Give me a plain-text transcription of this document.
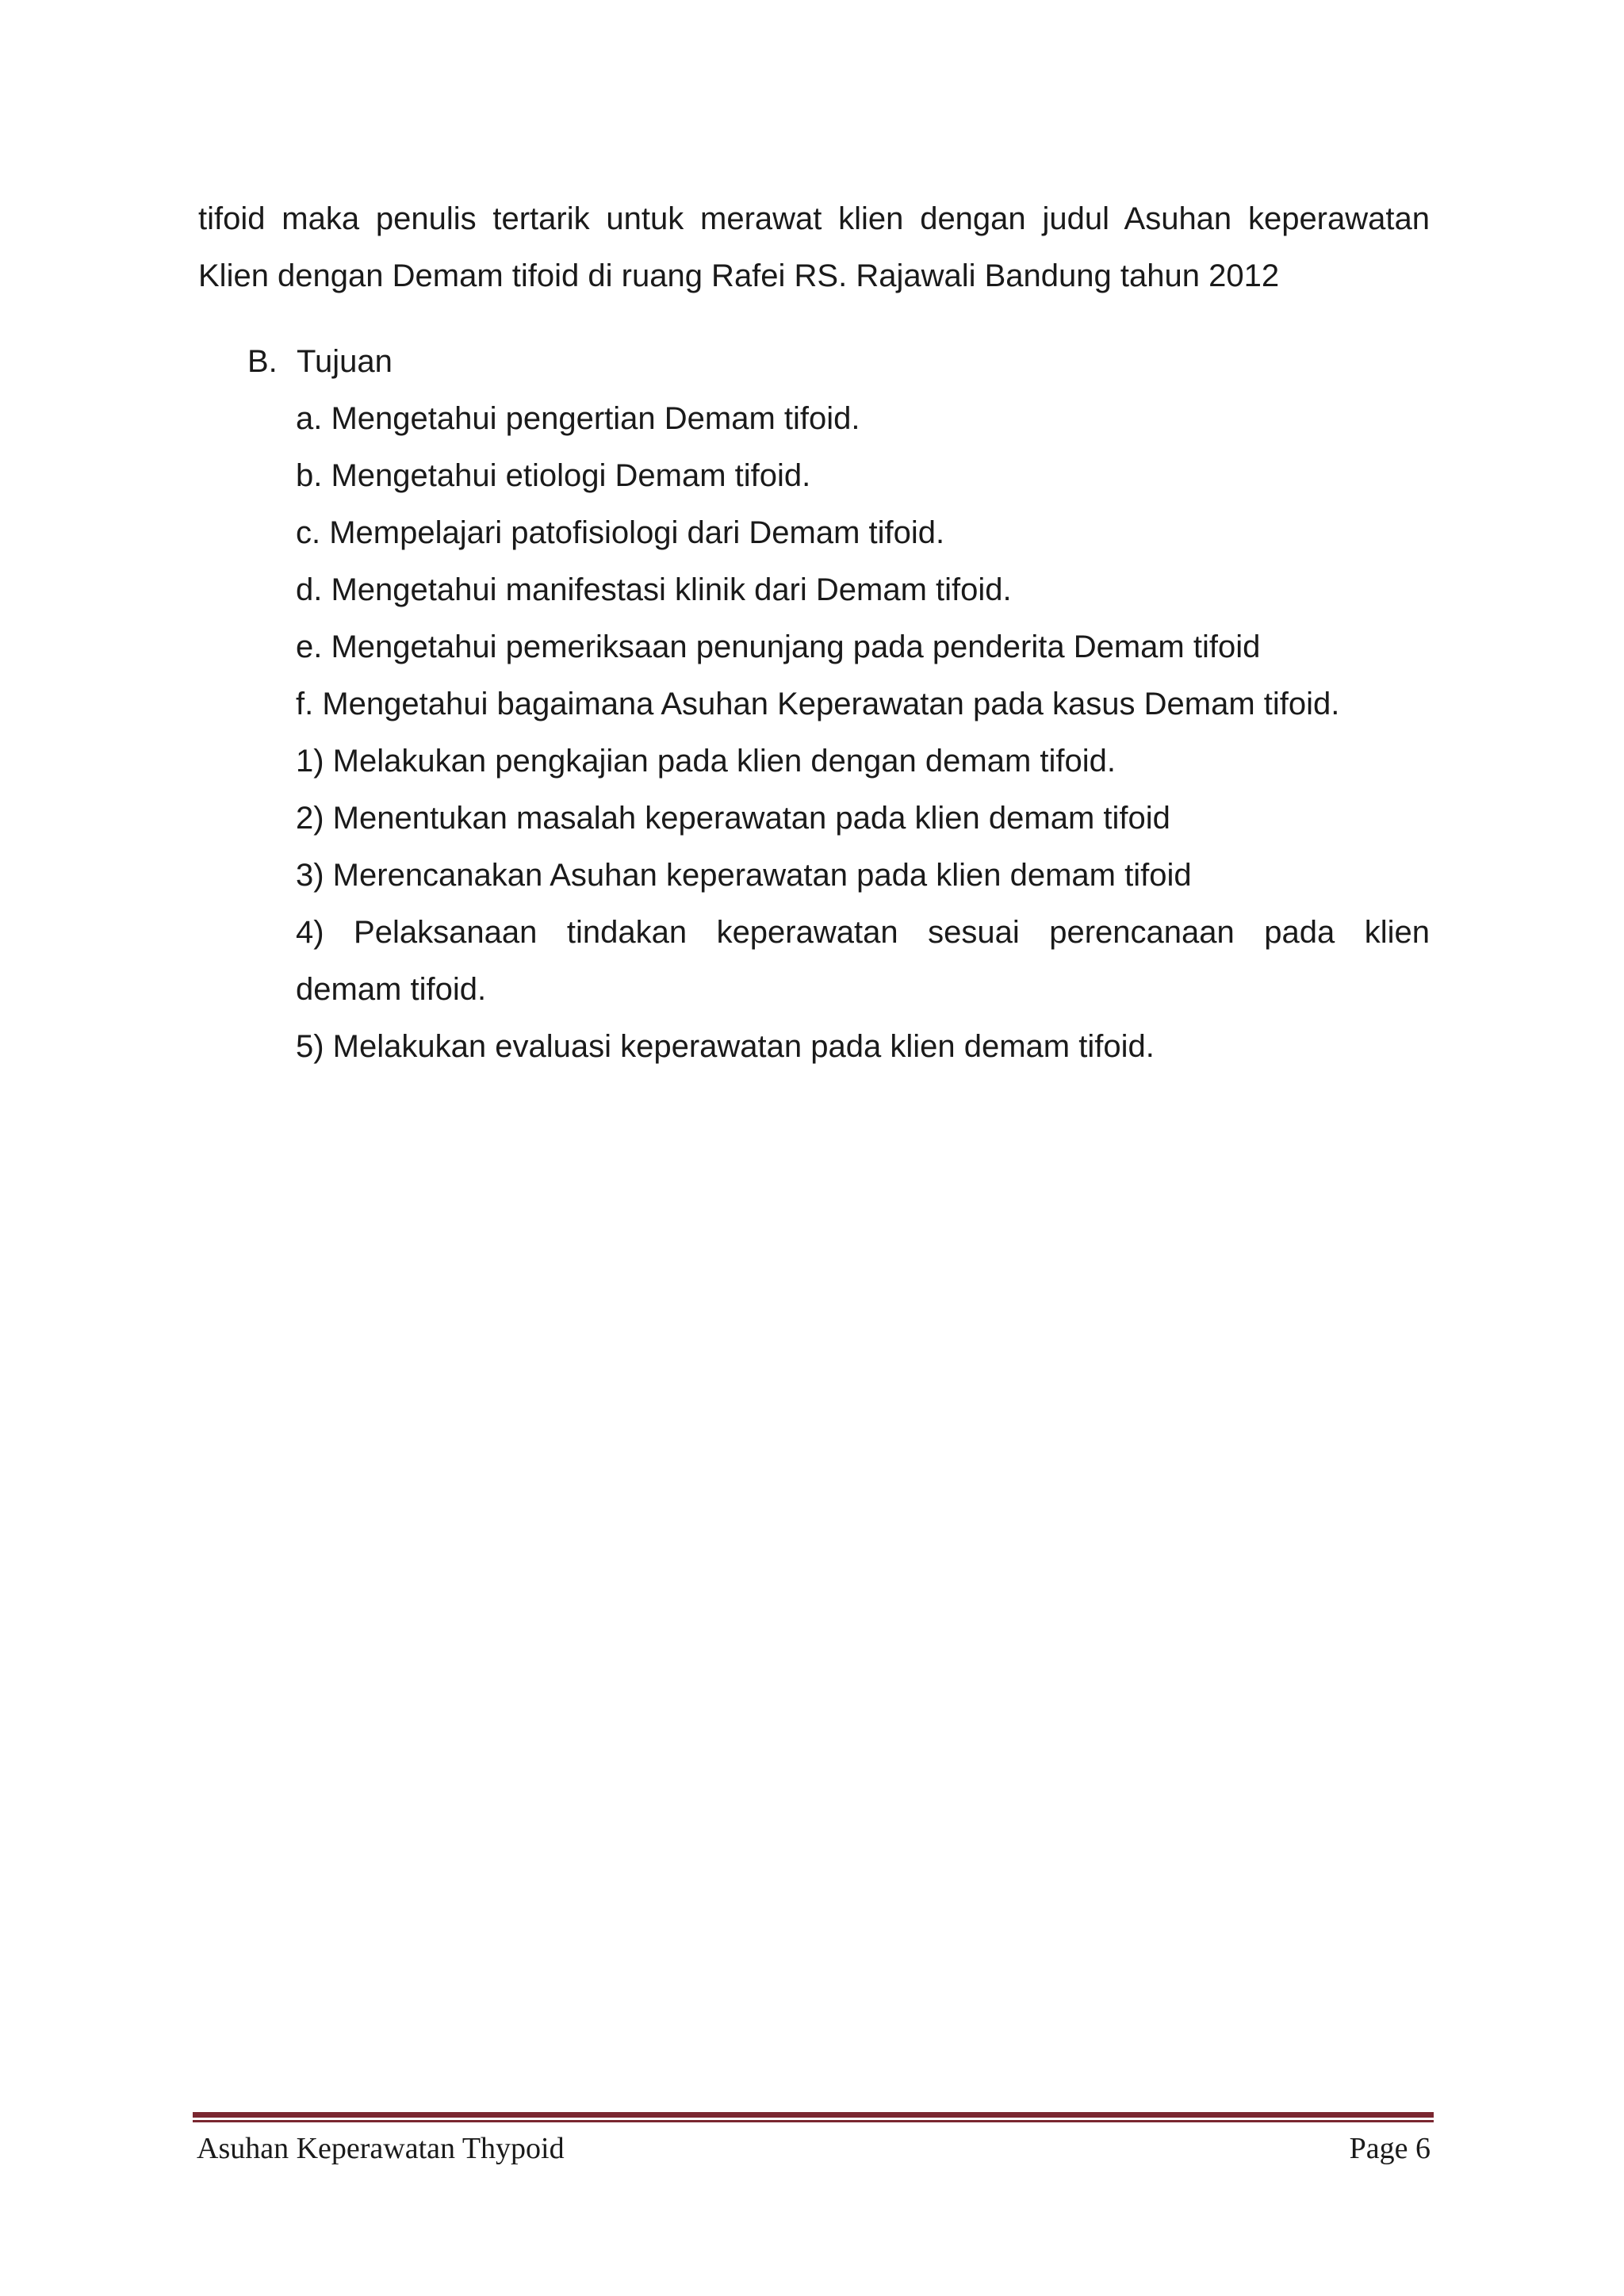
tifoid maka penulis tertarik untuk merawat klien dengan judul Asuhan keperawatan
Klien dengan Demam tifoid di ruang Rafei RS. Rajawali Bandung tahun 2012

B. Tujuan
a. Mengetahui pengertian Demam tifoid.
b. Mengetahui etiologi Demam tifoid.
c. Mempelajari patofisiologi dari Demam tifoid.
d. Mengetahui manifestasi klinik dari Demam tifoid.
e. Mengetahui pemeriksaan penunjang pada penderita Demam tifoid
f. Mengetahui bagaimana Asuhan Keperawatan pada kasus Demam tifoid.
1) Melakukan pengkajian pada klien dengan demam tifoid.
2) Menentukan masalah keperawatan pada klien demam tifoid
3) Merencanakan Asuhan keperawatan pada klien demam tifoid
4) Pelaksanaan tindakan keperawatan sesuai perencanaan pada klien
demam tifoid.
5) Melakukan evaluasi keperawatan pada klien demam tifoid.
Asuhan Keperawatan Thypoid	Page 6
